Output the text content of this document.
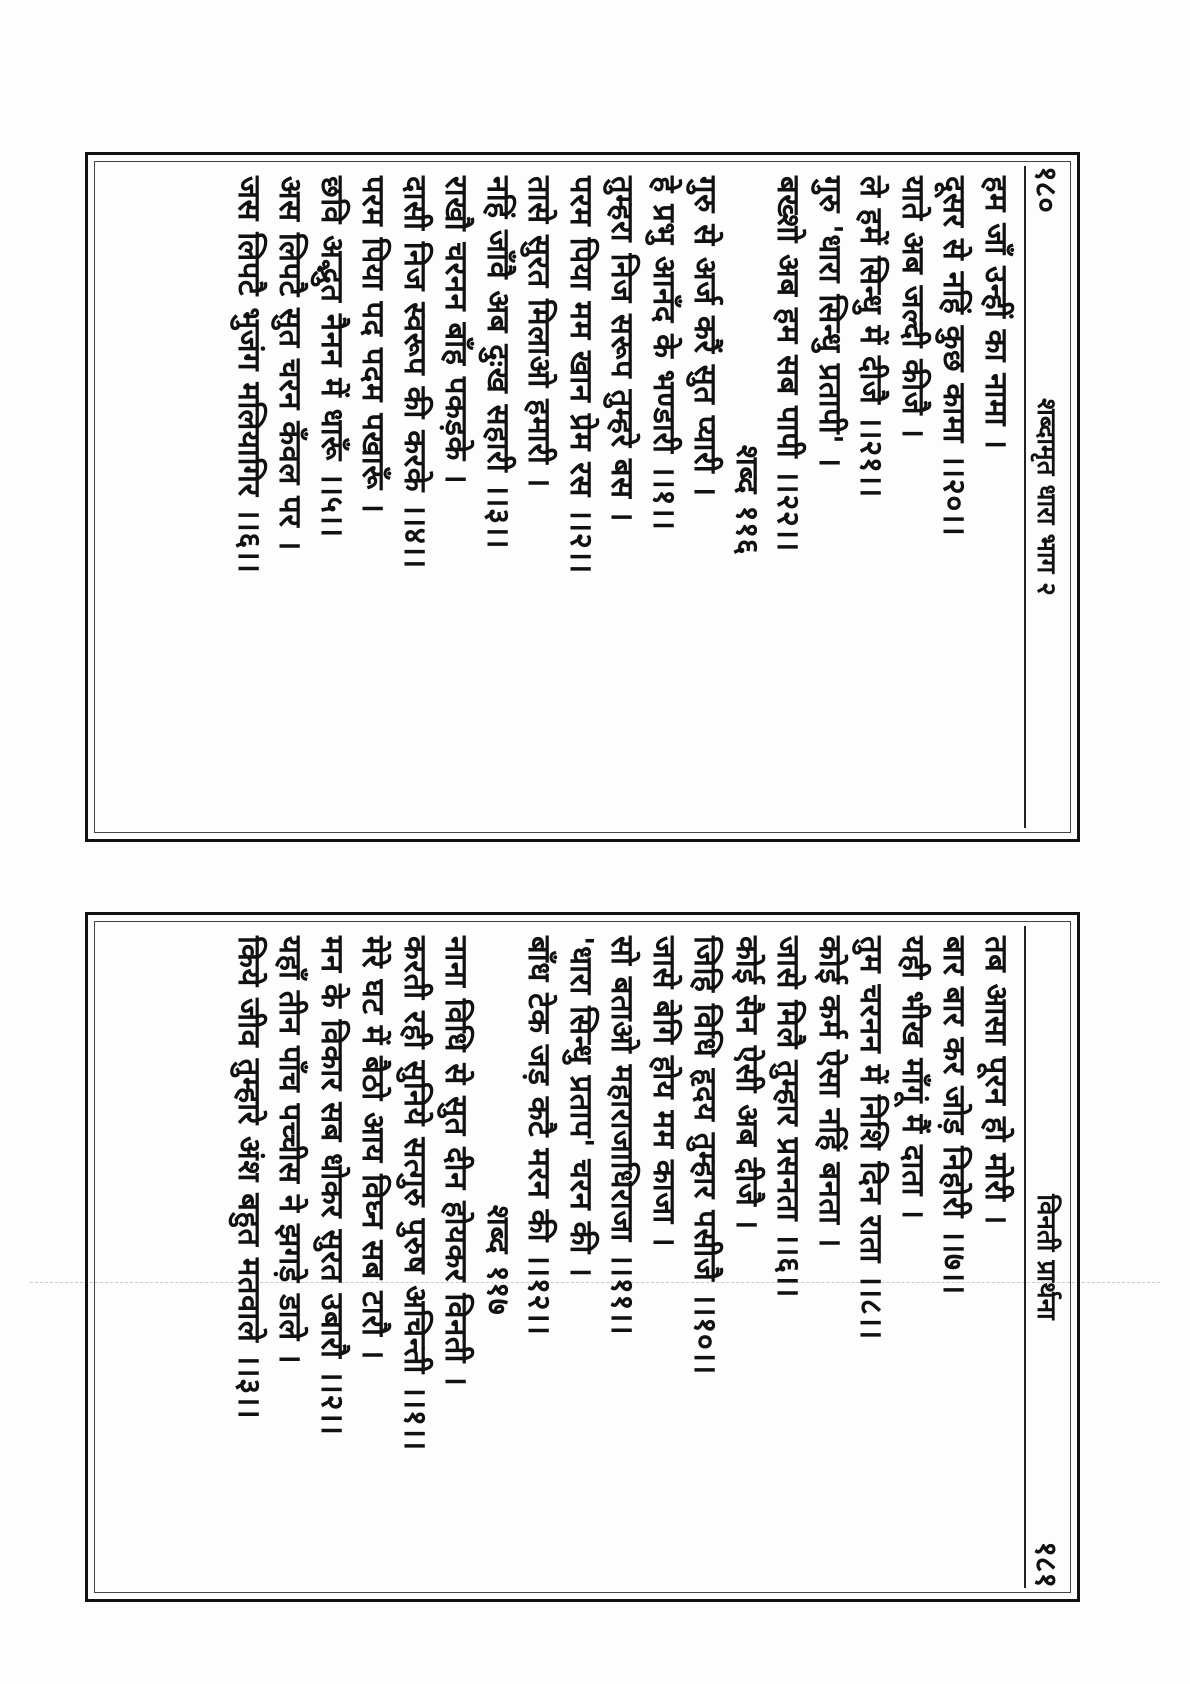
१८०
शब्दामृत धारा भाग २
हम जाँ उन्हीं का नामा ।
दूसर से नहिं कुछ कामा ।।२०।।
याते अब जल्दी कीजै ।
ले हमें सिन्धु में दीजै ।।२१।।
गुरु 'धारा सिन्धु प्रतापी' ।
बख्शो अब हम सब पापी ।।२२।।
शब्द ११६
गुरु से अर्ज करैं सुत प्यारी ।
हे प्रभु आनँद के भण्डारी ।।१।।
तुम्हरा निज सरूप तुम्हरे बस ।
परम पिया मम खान प्रेम रस ।।२।।
तासे सुरत मिलाओ हमारी ।
नहिं जाँवै अब दुःख सहारी ।।३।।
राखौ चरनन बाँह पकड़के ।
दासी निज स्वरूप की करके ।।४।।
परम पिया पद पदम पखारूँ ।
छवि अद्भुत नैनन में धारूँ ।।५।।
अस लिपटै सुत चरन कँवल पर ।
जस लिपटै भुजंग मलियागिर ।।६।।
विनती प्रार्थना
१८१
तब आसा पूरन हो मोरी ।
बार बार कर जोड़ निहोरी ।।७।।
यही भीख माँगूं मैं दाता ।
तुम चरनन में निशि दिन राता ।।८।।
कोई कर्म ऐसा नहिं बनता ।
जासे मिलै तुम्हार प्रसनता ।।६।।
कोई सैन ऐसी अब दीजै ।
जिहि विधि हृदय तुम्हार पसीजै ।।१०।।
जासे बेगि होय मम काजा ।
सो बताओ महाराजाधिराजा ।।११।।
'धारा सिन्धु प्रताप' चरन की ।
बाँध टेक जड़ कटै मरन की ।।१२।।
शब्द ११७
नाना विधि से सुत दीन होयकर विनती ।
करती रही सुनिये सत्गुरु पुरुष अचिन्ती ।।१।।
मेरे घट में बैठो आय विघ्न सब टारौ ।
मन के विकार सब धोकर सुरत उबारौ ।।२।।
यहाँ तीन पाँच पच्चीस ने झगड़े डाले ।
किये जीव तुम्हारे अंश बहुत मतवाले ।।३।।
